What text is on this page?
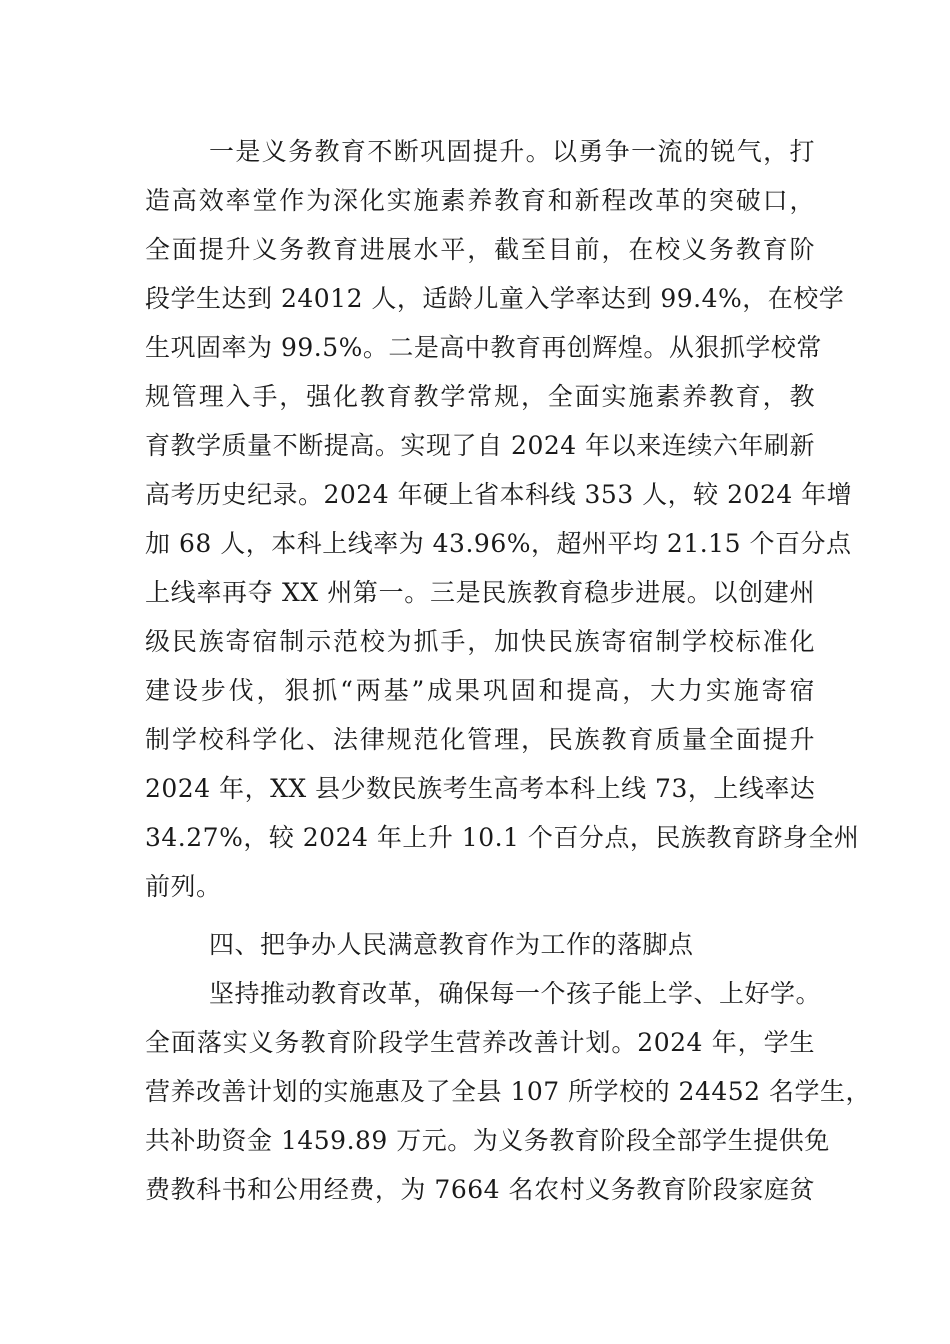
一是义务教育不断巩固提升。以勇争一流的锐气，打
造高效率堂作为深化实施素养教育和新程改革的突破口，
全面提升义务教育进展水平，截至目前，在校义务教育阶
段学生达到 24012 人，适龄儿童入学率达到 99.4%，在校学
生巩固率为 99.5%。二是高中教育再创辉煌。从狠抓学校常
规管理入手，强化教育教学常规，全面实施素养教育，教
育教学质量不断提高。实现了自 2024 年以来连续六年刷新
高考历史纪录。2024 年硬上省本科线 353 人，较 2024 年增
加 68 人，本科上线率为 43.96%，超州平均 21.15 个百分点
上线率再夺 XX 州第一。三是民族教育稳步进展。以创建州
级民族寄宿制示范校为抓手，加快民族寄宿制学校标准化
建设步伐，狠抓“两基”成果巩固和提高，大力实施寄宿
制学校科学化、法律规范化管理，民族教育质量全面提升
2024 年，XX 县少数民族考生高考本科上线 73，上线率达
34.27%，较 2024 年上升 10.1 个百分点，民族教育跻身全州
前列。
四、把争办人民满意教育作为工作的落脚点
坚持推动教育改革，确保每一个孩子能上学、上好学。
全面落实义务教育阶段学生营养改善计划。2024 年，学生
营养改善计划的实施惠及了全县 107 所学校的 24452 名学生，
共补助资金 1459.89 万元。为义务教育阶段全部学生提供免
费教科书和公用经费，为 7664 名农村义务教育阶段家庭贫
